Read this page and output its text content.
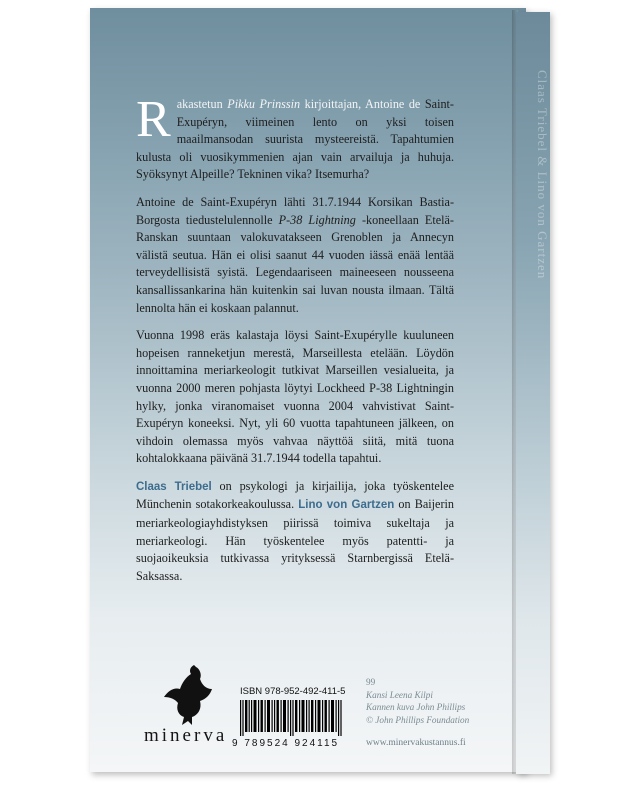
Claas Triebel & Lino von Gartzen

Rakastetun Pikku Prinssin kirjoittajan, Antoine de Saint- Exupéryn, viimeinen lento on yksi toisen maailmansodan suurista mysteereistä. Tapahtumien kulusta oli vuosikymmenien ajan vain arvailuja ja huhuja. Syöksynyt Alpeille? Tekninen vika? Itsemurha?

Antoine de Saint-Exupéryn lähti 31.7.1944 Korsikan Bastia-Borgosta tiedustelulennolle P-38 Lightning -koneellaan Etelä-Ranskan suuntaan valokuvatakseen Grenoblen ja Annecyn välistä seutua. Hän ei olisi saanut 44 vuoden iässä enää lentää terveydellisistä syistä. Legendaariseen maineeseen nousseena kansallissankarina hän kuitenkin sai luvan nousta ilmaan. Tältä lennolta hän ei koskaan palannut.

Vuonna 1998 eräs kalastaja löysi Saint-Exupérylle kuuluneen hopeisen ranneketjun merestä, Marseillesta etelään. Löydön innoittamina meriarkeologit tutkivat Marseillen vesialueita, ja vuonna 2000 meren pohjasta löytyi Lockheed P-38 Lightningin hylky, jonka viranomaiset vuonna 2004 vahvistivat Saint-Exupéryn koneeksi. Nyt, yli 60 vuotta tapahtuneen jälkeen, on vihdoin olemassa myös vahvaa näyttöä siitä, mitä tuona kohtalokkaana päivänä 31.7.1944 todella tapahtui.

Claas Triebel on psykologi ja kirjailija, joka työskentelee Münchenin sotakorkeakoulussa. Lino von Gartzen on Baijerin meriarkeologiayhdistyksen piirissä toimiva sukeltaja ja meriarkeologi. Hän työskentelee myös patentti- ja suojaoikeuksia tutkivassa yrityksessä Starnbergissä Etelä-Saksassa.

minerva
ISBN 978-952-492-411-5
9 789524 924115
99
Kansi Leena Kilpi
Kannen kuva John Phillips
© John Phillips Foundation
www.minervakustannus.fi
